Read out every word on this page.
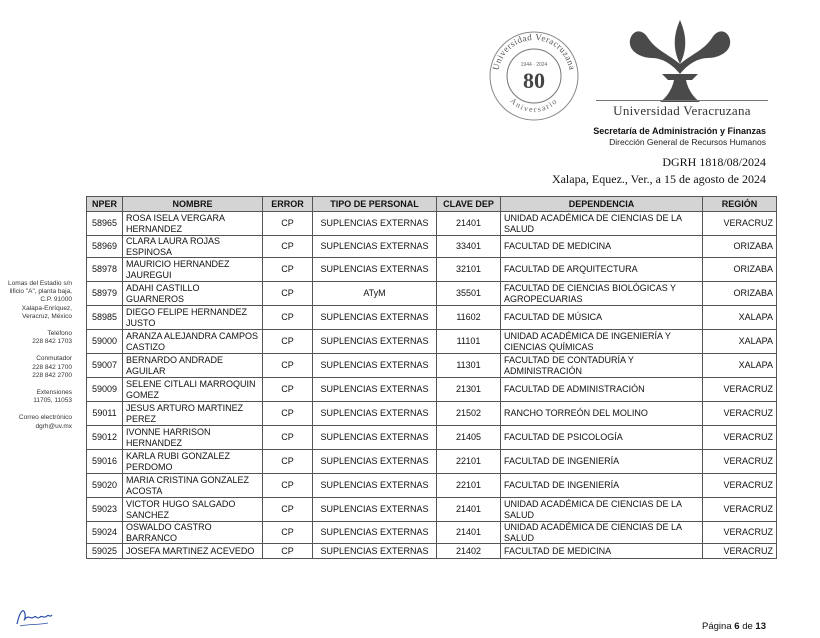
Universidad Veracruzana
Aniversario
1944 · 2024
80
Universidad Veracruzana
Secretaría de Administración y Finanzas
Dirección General de Recursos Humanos
DGRH 1818/08/2024
Xalapa, Equez., Ver., a 15 de agosto de 2024
Lomas del Estadio s/n
lificio "A", planta baja,
C.P. 91000
Xalapa-Enríquez,
Veracruz, México
Teléfono
228 842 1703
Conmutador
228 842 1700
228 842 2700
Extensiones
11705, 11053
Correo electrónico
dgrh@uv.mx
NPER	NOMBRE	ERROR	TIPO DE PERSONAL	CLAVE DEP	DEPENDENCIA	REGIÓN
58965	ROSA ISELA VERGARA HERNANDEZ	CP	SUPLENCIAS EXTERNAS	21401	UNIDAD ACADÉMICA DE CIENCIAS DE LA SALUD	VERACRUZ
58969	CLARA LAURA ROJAS ESPINOSA	CP	SUPLENCIAS EXTERNAS	33401	FACULTAD DE MEDICINA	ORIZABA
58978	MAURICIO HERNANDEZ JAUREGUI	CP	SUPLENCIAS EXTERNAS	32101	FACULTAD DE ARQUITECTURA	ORIZABA
58979	ADAHI CASTILLO GUARNEROS	CP	ATyM	35501	FACULTAD DE CIENCIAS BIOLÓGICAS Y AGROPECUARIAS	ORIZABA
58985	DIEGO FELIPE HERNANDEZ JUSTO	CP	SUPLENCIAS EXTERNAS	11602	FACULTAD DE MÚSICA	XALAPA
59000	ARANZA ALEJANDRA CAMPOS CASTIZO	CP	SUPLENCIAS EXTERNAS	11101	UNIDAD ACADÉMICA DE INGENIERÍA Y CIENCIAS QUÍMICAS	XALAPA
59007	BERNARDO ANDRADE AGUILAR	CP	SUPLENCIAS EXTERNAS	11301	FACULTAD DE CONTADURÍA Y ADMINISTRACIÓN	XALAPA
59009	SELENE CITLALI MARROQUIN GOMEZ	CP	SUPLENCIAS EXTERNAS	21301	FACULTAD DE ADMINISTRACIÓN	VERACRUZ
59011	JESUS ARTURO MARTINEZ PEREZ	CP	SUPLENCIAS EXTERNAS	21502	RANCHO TORREÓN DEL MOLINO	VERACRUZ
59012	IVONNE HARRISON HERNANDEZ	CP	SUPLENCIAS EXTERNAS	21405	FACULTAD DE PSICOLOGÍA	VERACRUZ
59016	KARLA RUBI GONZALEZ PERDOMO	CP	SUPLENCIAS EXTERNAS	22101	FACULTAD DE INGENIERÍA	VERACRUZ
59020	MARIA CRISTINA GONZALEZ ACOSTA	CP	SUPLENCIAS EXTERNAS	22101	FACULTAD DE INGENIERÍA	VERACRUZ
59023	VICTOR HUGO SALGADO SANCHEZ	CP	SUPLENCIAS EXTERNAS	21401	UNIDAD ACADÉMICA DE CIENCIAS DE LA SALUD	VERACRUZ
59024	OSWALDO CASTRO BARRANCO	CP	SUPLENCIAS EXTERNAS	21401	UNIDAD ACADÉMICA DE CIENCIAS DE LA SALUD	VERACRUZ
59025	JOSEFA MARTINEZ ACEVEDO	CP	SUPLENCIAS EXTERNAS	21402	FACULTAD DE MEDICINA	VERACRUZ
Página 6 de 13
